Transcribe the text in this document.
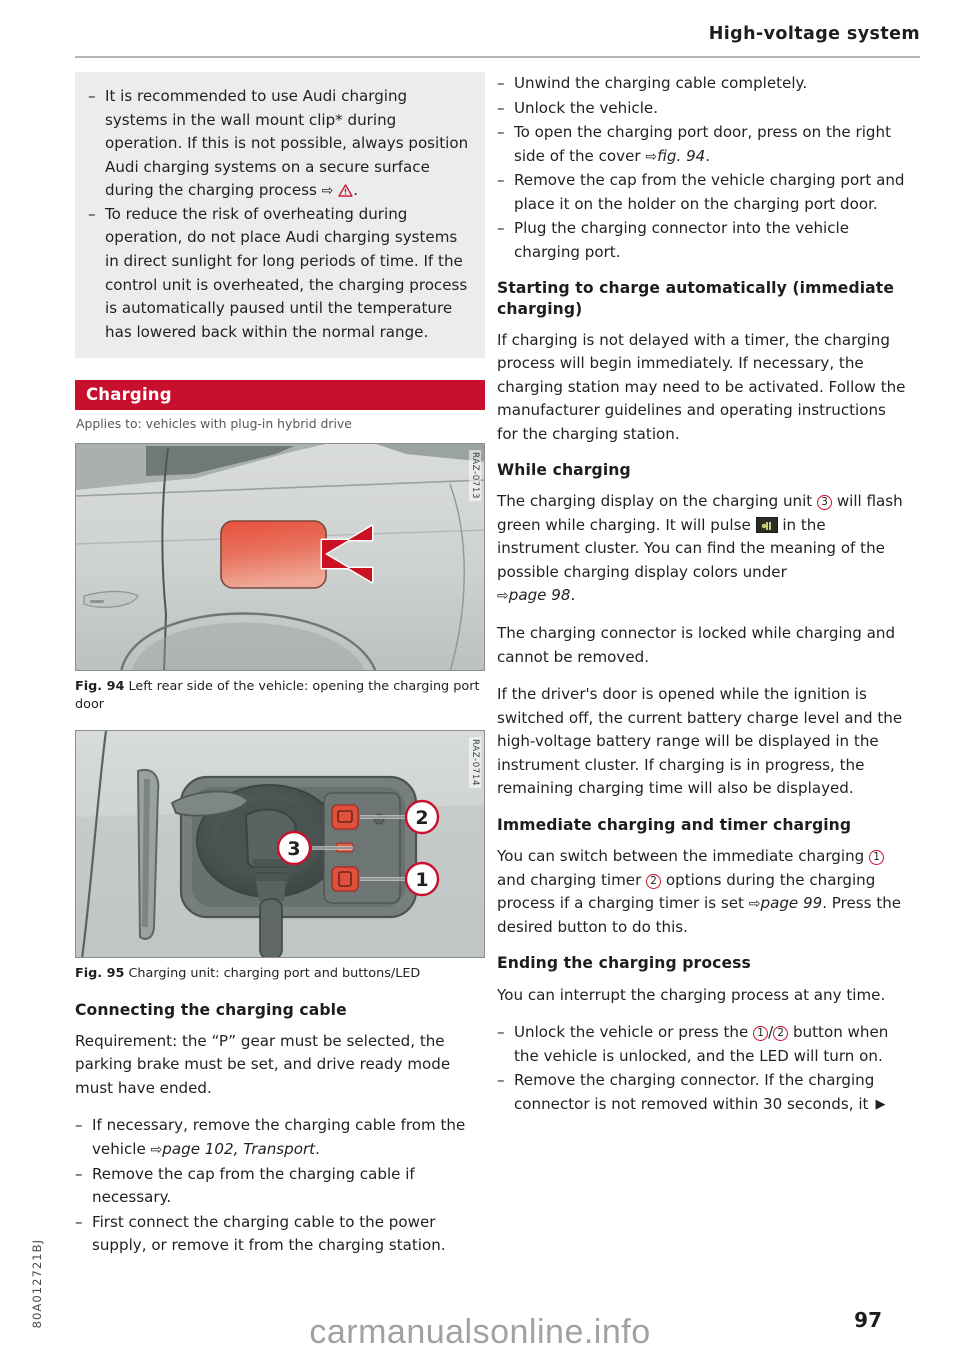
High-voltage system
– It is recommended to use Audi charging systems in the wall mount clip* during operation. If this is not possible, always position Audi charging systems on a secure surface during the charging process ⇨ .
– To reduce the risk of overheating during operation, do not place Audi charging systems in direct sunlight for long periods of time. If the control unit is overheated, the charging process is automatically paused until the temperature has lowered back within the normal range.
Charging
Applies to: vehicles with plug-in hybrid drive
RAZ-0713
Fig. 94 Left rear side of the vehicle: opening the charging port door
2
3
1
RAZ-0714
Fig. 95 Charging unit: charging port and buttons/LED
Connecting the charging cable

Requirement: the “P” gear must be selected, the parking brake must be set, and drive ready mode must have ended.

– If necessary, remove the charging cable from the vehicle ⇨page 102, Transport.
– Remove the cap from the charging cable if necessary.
– First connect the charging cable to the power supply, or remove it from the charging station.
– Unwind the charging cable completely.
– Unlock the vehicle.
– To open the charging port door, press on the right side of the cover ⇨fig. 94.
– Remove the cap from the vehicle charging port and place it on the holder on the charging port door.
– Plug the charging connector into the vehicle charging port.
Starting to charge automatically (immediate charging)

If charging is not delayed with a timer, the charging process will begin immediately. If necessary, the charging station may need to be activated. Follow the manufacturer guidelines and operating instructions for the charging station.

While charging

The charging display on the charging unit 3 will flash green while charging. It will pulse  in the instrument cluster. You can find the meaning of the possible charging display colors under
⇨page 98.

The charging connector is locked while charging and cannot be removed.

If the driver's door is opened while the ignition is switched off, the current battery charge level and the high-voltage battery range will be displayed in the instrument cluster. If charging is in progress, the remaining charging time will also be displayed.

Immediate charging and timer charging

You can switch between the immediate charging 1 and charging timer 2 options during the charging process if a charging timer is set ⇨page 99. Press the desired button to do this.

Ending the charging process

You can interrupt the charging process at any time.

– Unlock the vehicle or press the 1 / 2 button when the vehicle is unlocked, and the LED will turn on.
– Remove the charging connector. If the charging connector is not removed within 30 seconds, it ▶
80A012721BJ	97
carmanualsonline.info
